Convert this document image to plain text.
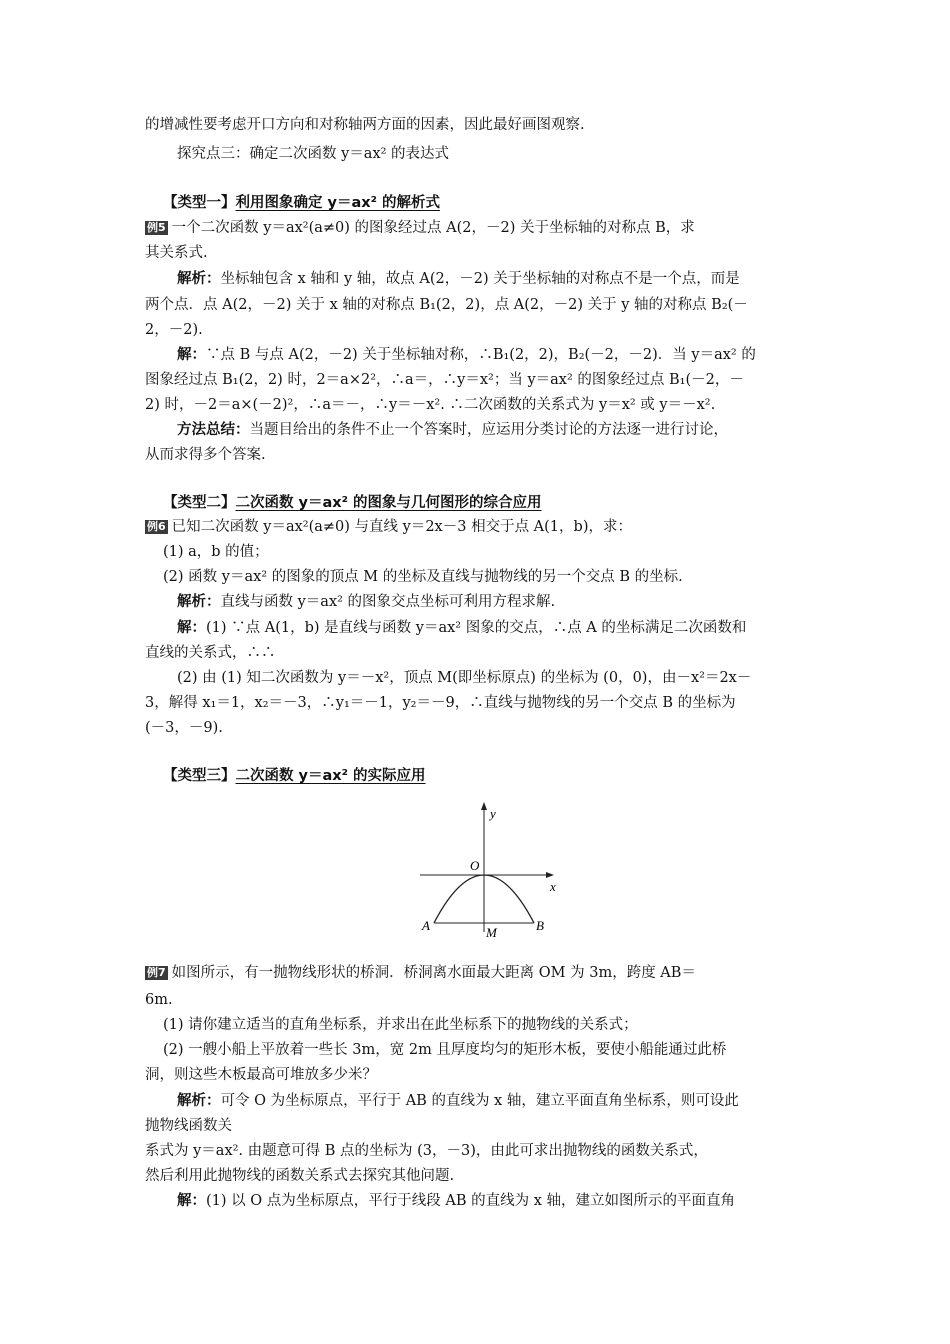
的增减性要考虑开口方向和对称轴两方面的因素，因此最好画图观察.
探究点三：确定二次函数 y＝ax² 的表达式
【类型一】利用图象确定 y＝ax² 的解析式
例5 一个二次函数 y＝ax²(a≠0) 的图象经过点 A(2，－2) 关于坐标轴的对称点 B，求
其关系式.
解析：坐标轴包含 x 轴和 y 轴，故点 A(2，－2) 关于坐标轴的对称点不是一个点，而是
两个点．点 A(2，－2) 关于 x 轴的对称点 B₁(2，2)，点 A(2，－2) 关于 y 轴的对称点 B₂(－
2，－2).
解：∵点 B 与点 A(2，－2) 关于坐标轴对称，∴B₁(2，2)，B₂(－2，－2)．当 y＝ax² 的
图象经过点 B₁(2，2) 时，2＝a×2²，∴a＝，∴y＝x²；当 y＝ax² 的图象经过点 B₁(－2，－
2) 时，－2＝a×(－2)²，∴a＝－，∴y＝－x². ∴二次函数的关系式为 y＝x² 或 y＝－x².
方法总结：当题目给出的条件不止一个答案时，应运用分类讨论的方法逐一进行讨论，
从而求得多个答案.
【类型二】二次函数 y＝ax² 的图象与几何图形的综合应用
例6 已知二次函数 y＝ax²(a≠0) 与直线 y＝2x－3 相交于点 A(1，b)，求：
(1) a，b 的值；
(2) 函数 y＝ax² 的图象的顶点 M 的坐标及直线与抛物线的另一个交点 B 的坐标.
解析：直线与函数 y＝ax² 的图象交点坐标可利用方程求解.
解：(1) ∵点 A(1，b) 是直线与函数 y＝ax² 图象的交点，∴点 A 的坐标满足二次函数和
直线的关系式，∴∴
(2) 由 (1) 知二次函数为 y＝－x²，顶点 M(即坐标原点) 的坐标为 (0，0)，由－x²＝2x－
3，解得 x₁＝1，x₂＝－3，∴y₁＝－1，y₂＝－9，∴直线与抛物线的另一个交点 B 的坐标为
(－3，－9).
【类型三】二次函数 y＝ax² 的实际应用
y
x
O
A	B
M
例7 如图所示，有一抛物线形状的桥洞．桥洞离水面最大距离 OM 为 3m，跨度 AB＝
6m.
(1) 请你建立适当的直角坐标系，并求出在此坐标系下的抛物线的关系式；
(2) 一艘小船上平放着一些长 3m，宽 2m 且厚度均匀的矩形木板，要使小船能通过此桥
洞，则这些木板最高可堆放多少米？
解析：可令 O 为坐标原点，平行于 AB 的直线为 x 轴，建立平面直角坐标系，则可设此
抛物线函数关
系式为 y＝ax². 由题意可得 B 点的坐标为 (3，－3)，由此可求出抛物线的函数关系式，
然后利用此抛物线的函数关系式去探究其他问题.
解：(1) 以 O 点为坐标原点，平行于线段 AB 的直线为 x 轴，建立如图所示的平面直角
